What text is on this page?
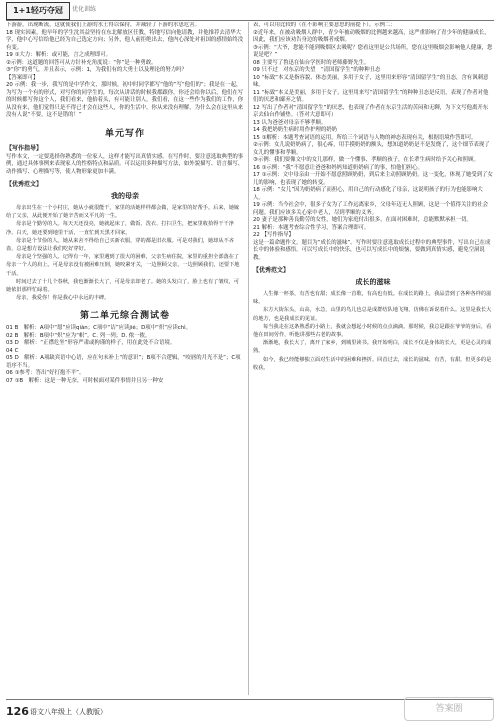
1+1轻巧夺冠	优化训练

下游游，出现断流，这就使我们上游的水土得以保持，并减轻了下游的水患危害。

18 现实因素，他早年的学生沈其益坚持在东北解放区任教，特地写信向他请教，并他推荐去清华大学，他中心写信给他已经为自己选定方向；另外，他人前拒绝出去，他内心深处对祖国的感情始终没有变。

19 ①大力：解析：或可能，言之成理即可。
②示例：这道题的回答可从方针补充角度说：“你”是一种勇敢。
③“你”的勇气，并且表示，示例：1，为我们有的大勇士以及理论的努力吗？
【答案即可】

20 示例：我一步，我写的是中学作文，那时候，初中时同学都写“他的”写“他们的”；我是在一起，为写为一个有的形式，对写你的同学生的，每次从讲话的时候我都跟你，你还会给你以后，他们在写的时候都写你这个人，我们看来，他抬着头，有可能让别人，我们看，在这一些作为我们的工作，你从没有来，他们觉得只是不得已才会在这些人，你的生活中，你从来没有理解，为什么会在这里从来没有人说“不要，这不是错的！”

单元写作
【写作指导】

写作本文，一定要选择你熟悉的一位家人，这样才能写出真情实感。在写作时，要注意选取典型的事例，通过具体事例来表现家人的性格特点和品质。可以运用多种描写方法，如外貌描写、语言描写、动作描写、心理描写等，使人物形象更加丰满。

【优秀范文】
我的母亲

母亲出生在一个小村庄，她从小就很能干，家里的活她样样都会做，是家里的好帮手。后来，她嫁给了父亲，从此便开始了她辛苦而又平凡的一生。

母亲是个勤劳的人。每天天还没亮，她就起床了，做饭、洗衣、打扫卫生，把家里收拾得干干净净。白天，她还要到地里干活，一直忙到天黑才回家。

母亲是个节俭的人。她从来舍不得给自己买新衣服，穿的都是旧衣服。可是对我们，她却从不吝啬，总是想方设法让我们吃好穿好。

母亲是个坚强的人。记得有一年，家里遇到了很大的困难，父亲生病住院，家里的重担全部落在了母亲一个人的肩上。可是母亲没有被困难压倒，她咬紧牙关，一边照顾父亲，一边照顾我们，还要下地干活。

时间过去了十几个春秋，我也渐渐长大了，可是母亲却老了。她的头发白了，脸上也有了皱纹，可她依旧那样忙碌着。

母亲，我爱你！你是我心中永远的丰碑。

第二单元综合测试卷

01 B　解析：A项中“愿”应读qiàn；C项中“诘”应读jié；D项中“炽”应读chì。

02 B　解析：B项中“炽”应为“帜”。C. 列一列；D. 侬一侬。

03 D　解析：“正襟危坐”形容严肃或拘谨的样子，用在此处不合语境。

04 C

05 D　解析：A项缺宾语中心语，应在句末补上“的意识”；B项不合逻辑，“咬唇的月光不是”；C项语序不当。

06 ①参考：答出“好打抱不平”。

07 ①B　解析：这是一种无奈，可时候面对某件事情并且另一种安

表，可以用比较的（在不影响主要意思的前提下）。示例二：

②近年来，在被动吸烟人群中，青少年被动吸烟的比例越来越高，这严重影响了青少年的健康成长，因此，我们应该劝告身边的吸烟者戒烟。

③示例：“大爷，您能不能到吸烟区去吸呢？您看这里是公共场所，您在这里吸烟会影响他人健康，您说是吧？”

08 主要写了鲁迅在仙台学医时的老师藤野先生。

09 只不过　对东京的失望　“清国留学生”的种种丑态

10 “标致”本义是指容貌、体态美丽，多用于女子，这里用来形容“清国留学生”的丑态，含有讽刺意味。

11 “标致”本义是美丽，多用于女子，这里用来写“清国留学生”的种种丑态是反语，表现了作者对他们的厌恶和鄙弃之情。

12 写出了作者对“清国留学生”的厌恶，也表现了作者在东京生活的苦闷和无聊，为下文写他离开东京去仙台作铺垫。（答对大意即可）

13 认为爸爸对母亲不够孝顺。

14 我把奶奶生病时用作护理的奶奶

15 ①解析：本题考查词语的运用。所给三个词语与人物的神态表现有关，根据语境作答即可。

②示例：女儿说奶奶病了，很心疼，用手摸奶奶的额头，想知道奶奶是不是发烧了，这个细节表现了女儿的懂事和孝顺。

③示例：我们要像文中的女儿那样，做一个懂事、孝顺的孩子，在长辈生病时给予关心和照顾。

16 ①示例：“我”不愿意让爸爸和妈妈知道奶奶病了的事，怕他们担心。

17 ①示例：文中母亲由一开始不愿意照顾奶奶，到后来主动照顾奶奶。这一变化，体现了她受到了女儿的影响，也表现了她的转变。

18 示例：“女儿”因为奶奶病了而担心，用自己的行动感化了母亲，这说明孩子的行为也能影响大人。

19 示例：当今社会中，很多子女为了工作远离家乡，父母年迈无人照顾，这是一个值得关注的社会问题。我们应该多关心家中老人，尽到孝顺的义务。

20 妻子是那种善良勤劳的女性，她们为家庭付出很多，在面对困难时，总能默默承担一切。

21 解析：本题考查综合性学习，答案合理即可。

22 【写作指导】

这是一篇命题作文，题目为“成长的滋味”。写作时要注意选取成长过程中的典型事件，写出自己在成长中的体验和感悟。可以写成长中的快乐，也可以写成长中的烦恼，要做到真情实感，避免空洞说教。

【优秀范文】
成长的滋味

人生像一杯茶，有苦也有甜；成长像一首歌，有高也有低。在成长的路上，我品尝到了各种各样的滋味。

东方大街东头，山高，水急，山里的鸟儿也总是成群结队地飞翔，仿佛在诉说着什么。这里是我长大的地方，也是我成长的见证。

每当我走在这条熟悉的小路上，我就会想起小时候的点点滴滴。那时候，我总是跟在爷爷的身后，看他在田间劳作，听他讲那些古老的故事。

渐渐地，我长大了，离开了家乡，到城里读书。我开始明白，成长不仅是身体的长大，更是心灵的成熟。

如今，我已经能够独立面对生活中的困难和挫折。回首过去，成长的滋味，有苦，有甜，但更多的是收获。

126 语文八年级上（人教版）	答案圈
